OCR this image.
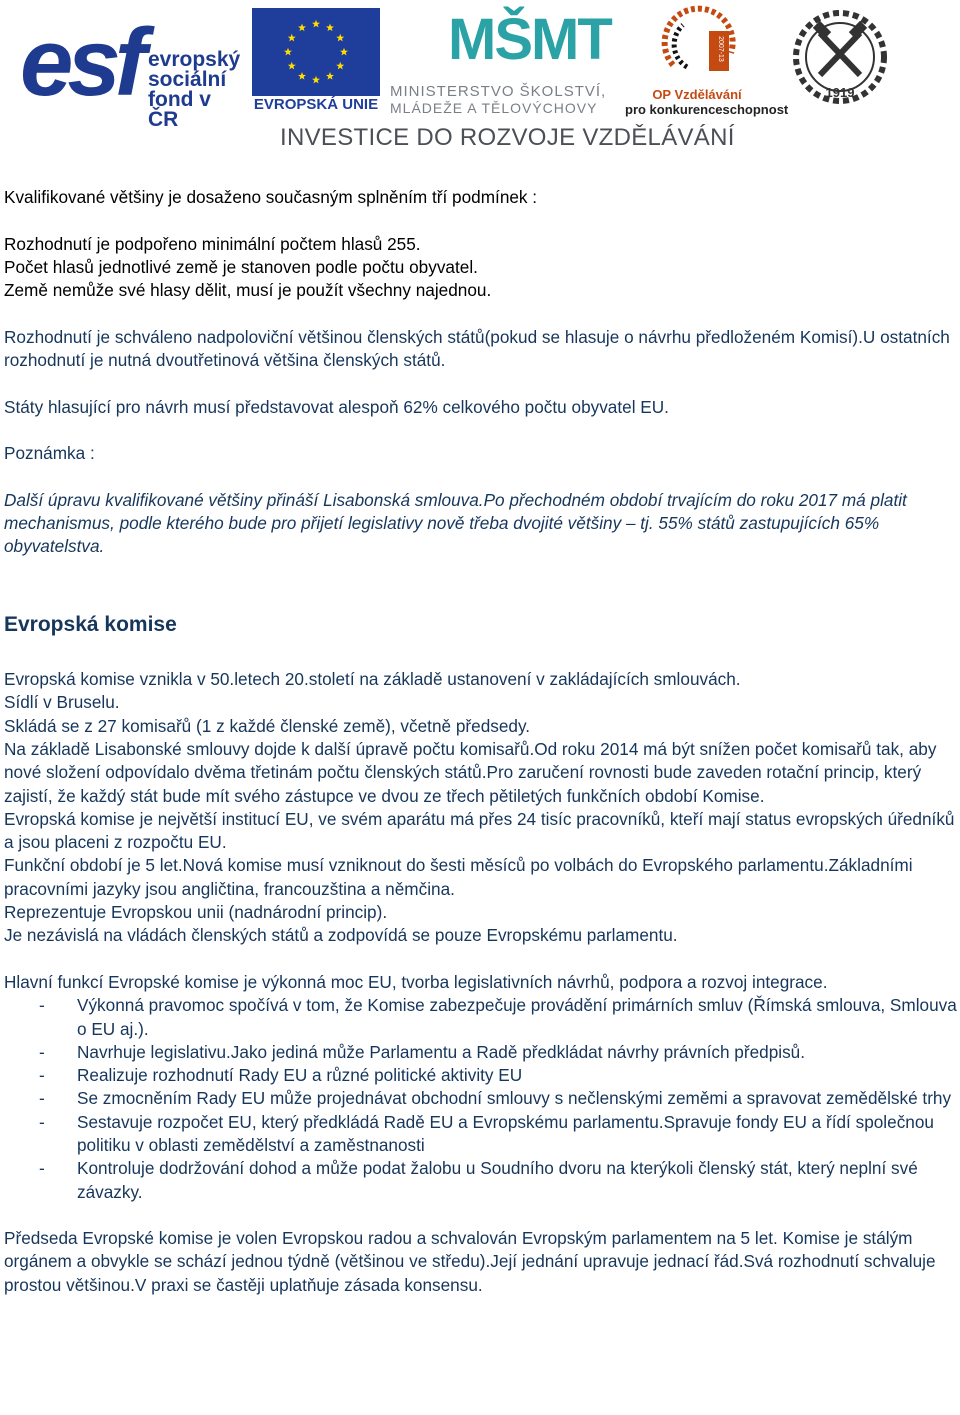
esf evropský
sociální
fond v ČR
EVROPSKÁ UNIE
MŠMT
MINISTERSTVO ŠKOLSTVÍ,
MLÁDEŽE A TĚLOVÝCHOVY
2007-13
OP Vzdělávání
pro konkurenceschopnost
1919
INVESTICE DO ROZVOJE VZDĚLÁVÁNÍ

Kvalifikované většiny je dosaženo současným splněním tří podmínek :

Rozhodnutí je podpořeno minimální počtem hlasů 255.

Počet hlasů jednotlivé země je stanoven podle počtu obyvatel.

Země nemůže své hlasy dělit, musí je použít všechny najednou.

Rozhodnutí je schváleno nadpoloviční většinou členských států(pokud se hlasuje o návrhu předloženém Komisí).U ostatních rozhodnutí je nutná dvoutřetinová většina členských států.

Státy hlasující pro návrh musí představovat alespoň 62% celkového počtu obyvatel EU.

Poznámka :

Další úpravu kvalifikované většiny přináší Lisabonská smlouva.Po přechodném období trvajícím do roku 2017 má platit mechanismus, podle kterého bude pro přijetí legislativy nově třeba dvojité většiny – tj. 55% států zastupujících 65% obyvatelstva.

Evropská komise

Evropská komise vznikla v 50.letech 20.století na základě ustanovení v zakládajících smlouvách.

Sídlí v Bruselu.

Skládá se z 27 komisařů (1 z každé členské země), včetně předsedy.

Na základě Lisabonské smlouvy dojde k další úpravě počtu komisařů.Od roku 2014 má být snížen počet komisařů tak, aby nové složení odpovídalo dvěma třetinám počtu členských států.Pro zaručení rovnosti bude zaveden rotační princip, který zajistí, že každý stát bude mít svého zástupce ve dvou ze třech pětiletých funkčních období Komise.

Evropská komise je největší institucí EU, ve svém aparátu má přes 24 tisíc pracovníků, kteří mají status evropských úředníků a jsou placeni z rozpočtu EU.

Funkční období je 5 let.Nová komise musí vzniknout do šesti měsíců po volbách do Evropského parlamentu.Základními pracovními jazyky jsou angličtina, francouzština a němčina.

Reprezentuje Evropskou unii (nadnárodní princip).

Je nezávislá na vládách členských států a zodpovídá se pouze Evropskému parlamentu.

Hlavní funkcí Evropské komise je výkonná moc EU, tvorba legislativních návrhů, podpora a rozvoj integrace.

- Výkonná pravomoc spočívá v tom, že Komise zabezpečuje provádění primárních smluv (Římská smlouva, Smlouva o EU aj.).
- Navrhuje legislativu.Jako jediná může Parlamentu a Radě předkládat návrhy právních předpisů.
- Realizuje rozhodnutí Rady EU a různé politické aktivity EU
- Se zmocněním Rady EU může projednávat obchodní smlouvy s nečlenskými zeměmi a spravovat zemědělské trhy
- Sestavuje rozpočet EU, který předkládá Radě EU a Evropskému parlamentu.Spravuje fondy EU a řídí společnou politiku v oblasti zemědělství a zaměstnanosti
- Kontroluje dodržování dohod a může podat žalobu u Soudního dvoru na kterýkoli členský stát, který neplní své závazky.

Předseda Evropské komise je volen Evropskou radou a schvalován Evropským parlamentem na 5 let. Komise je stálým orgánem a obvykle se schází jednou týdně (většinou ve středu).Její jednání upravuje jednací řád.Svá rozhodnutí schvaluje prostou většinou.V praxi se častěji uplatňuje zásada konsensu.
